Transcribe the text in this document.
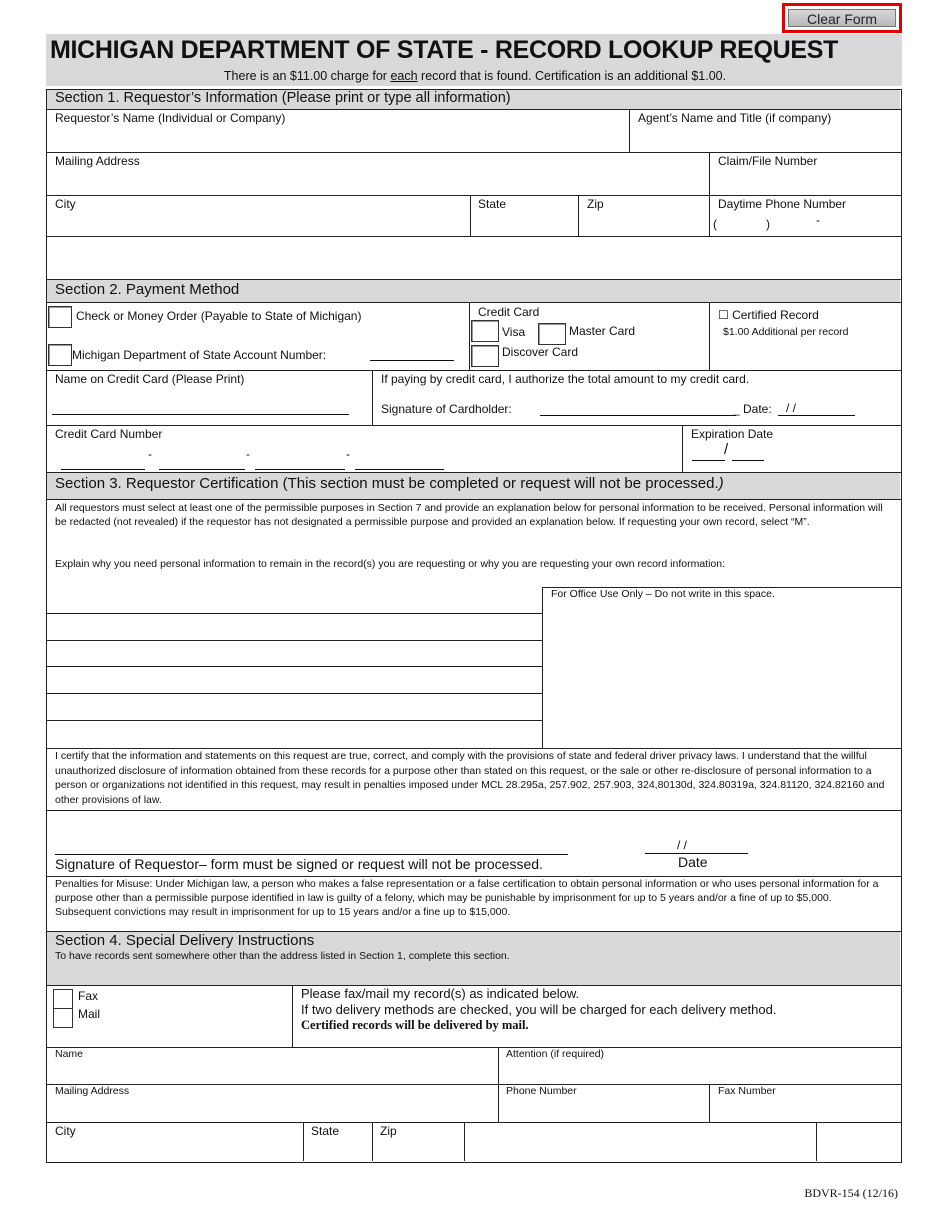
Clear Form
MICHIGAN DEPARTMENT OF STATE - RECORD LOOKUP REQUEST
There is an $11.00 charge for each record that is found. Certification is an additional $1.00.
Section 1. Requestor’s Information (Please print or type all information)
Requestor’s Name (Individual or Company)	Agent’s Name and Title (if company)
Mailing Address	Claim/File Number
City	State	Zip	Daytime Phone Number
(	)	-
Section 2. Payment Method
Check or Money Order (Payable to State of Michigan)
Michigan Department of State Account Number:
Credit Card
Visa	Master Card
Discover Card
☐ Certified Record
$1.00 Additional per record
Name on Credit Card (Please Print)	If paying by credit card, I authorize the total amount to my credit card.
Signature of Cardholder:	_ Date: / /
Credit Card Number
-	-	-
Expiration Date
/
Section 3. Requestor Certification (This section must be completed or request will not be processed.)
All requestors must select at least one of the permissible purposes in Section 7 and provide an explanation below for personal information to be received. Personal information will be redacted (not revealed) if the requestor has not designated a permissible purpose and provided an explanation below. If requesting your own record, select “M”.
Explain why you need personal information to remain in the record(s) you are requesting or why you are requesting your own record information:
For Office Use Only – Do not write in this space.
I certify that the information and statements on this request are true, correct, and comply with the provisions of state and federal driver privacy laws. I understand that the willful unauthorized disclosure of information obtained from these records for a purpose other than stated on this request, or the sale or other re-disclosure of personal information to a person or organizations not identified in this request, may result in penalties imposed under MCL 28.295a, 257.902, 257.903, 324,80130d, 324.80319a, 324.81120, 324.82160 and other provisions of law.
/ /
Signature of Requestor– form must be signed or request will not be processed.	Date
Penalties for Misuse: Under Michigan law, a person who makes a false representation or a false certification to obtain personal information or who uses personal information for a purpose other than a permissible purpose identified in law is guilty of a felony, which may be punishable by imprisonment for up to 5 years and/or a fine of up to $5,000. Subsequent convictions may result in imprisonment for up to 15 years and/or a fine up to $15,000.
Section 4. Special Delivery Instructions
To have records sent somewhere other than the address listed in Section 1, complete this section.
Fax
Mail
Please fax/mail my record(s) as indicated below.
If two delivery methods are checked, you will be charged for each delivery method.
Certified records will be delivered by mail.
Name	Attention (if required)
Mailing Address	Phone Number	Fax Number
City	State	Zip
BDVR-154 (12/16)
